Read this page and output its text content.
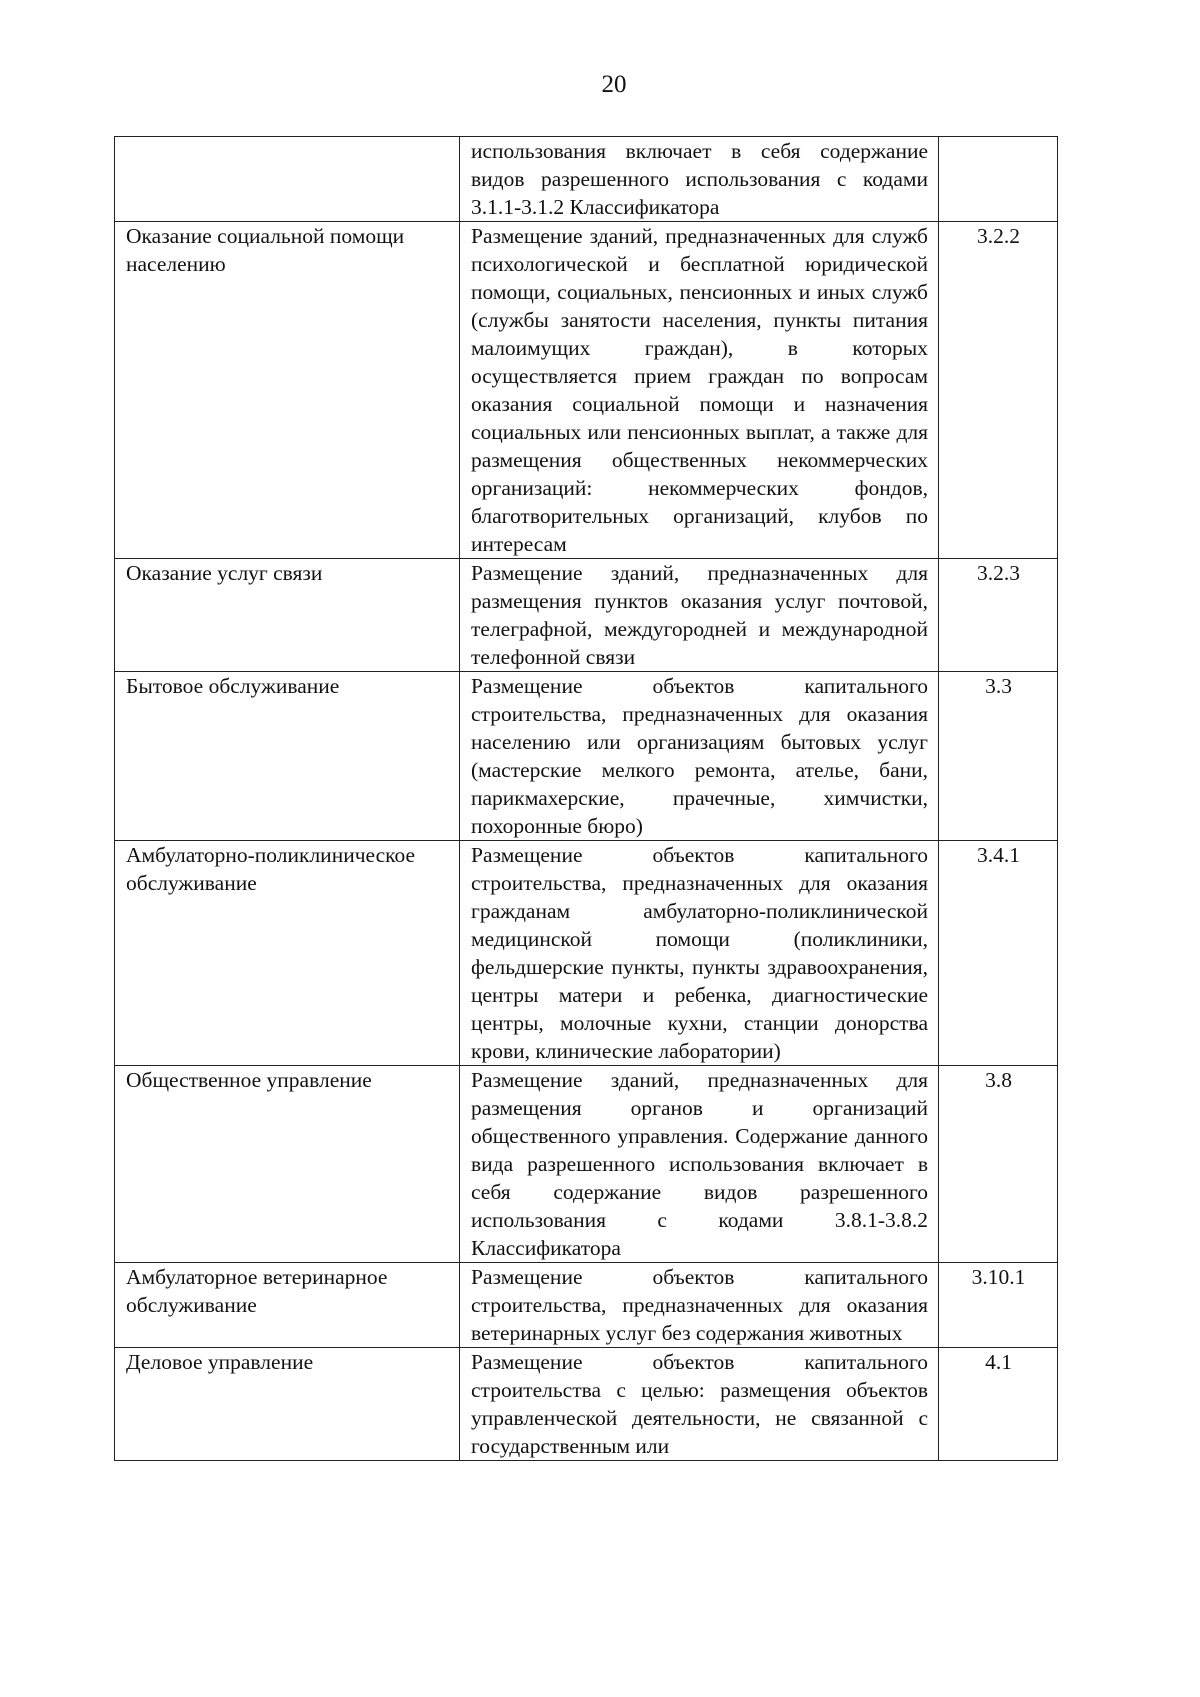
20
	использования включает в себя содержание видов разрешенного использования с кодами 3.1.1-3.1.2 Классификатора	
Оказание социальной помощи населению	Размещение зданий, предназначенных для служб психологической и бесплатной юридической помощи, социальных, пенсионных и иных служб (службы занятости населения, пункты питания малоимущих граждан), в которых осуществляется прием граждан по вопросам оказания социальной помощи и назначения социальных или пенсионных выплат, а также для размещения общественных некоммерческих организаций: некоммерческих фондов, благотворительных организаций, клубов по интересам	3.2.2
Оказание услуг связи	Размещение зданий, предназначенных для размещения пунктов оказания услуг почтовой, телеграфной, междугородней и международной телефонной связи	3.2.3
Бытовое обслуживание	Размещение объектов капитального строительства, предназначенных для оказания населению или организациям бытовых услуг (мастерские мелкого ремонта, ателье, бани, парикмахерские, прачечные, химчистки, похоронные бюро)	3.3
Амбулаторно-поликлиническое обслуживание	Размещение объектов капитального строительства, предназначенных для оказания гражданам амбулаторно-поликлинической медицинской помощи (поликлиники, фельдшерские пункты, пункты здравоохранения, центры матери и ребенка, диагностические центры, молочные кухни, станции донорства крови, клинические лаборатории)	3.4.1
Общественное управление	Размещение зданий, предназначенных для размещения органов и организаций общественного управления. Содержание данного вида разрешенного использования включает в себя содержание видов разрешенного использования с кодами 3.8.1-3.8.2 Классификатора	3.8
Амбулаторное ветеринарное обслуживание	Размещение объектов капитального строительства, предназначенных для оказания ветеринарных услуг без содержания животных	3.10.1
Деловое управление	Размещение объектов капитального строительства с целью: размещения объектов управленческой деятельности, не связанной с государственным или	4.1
